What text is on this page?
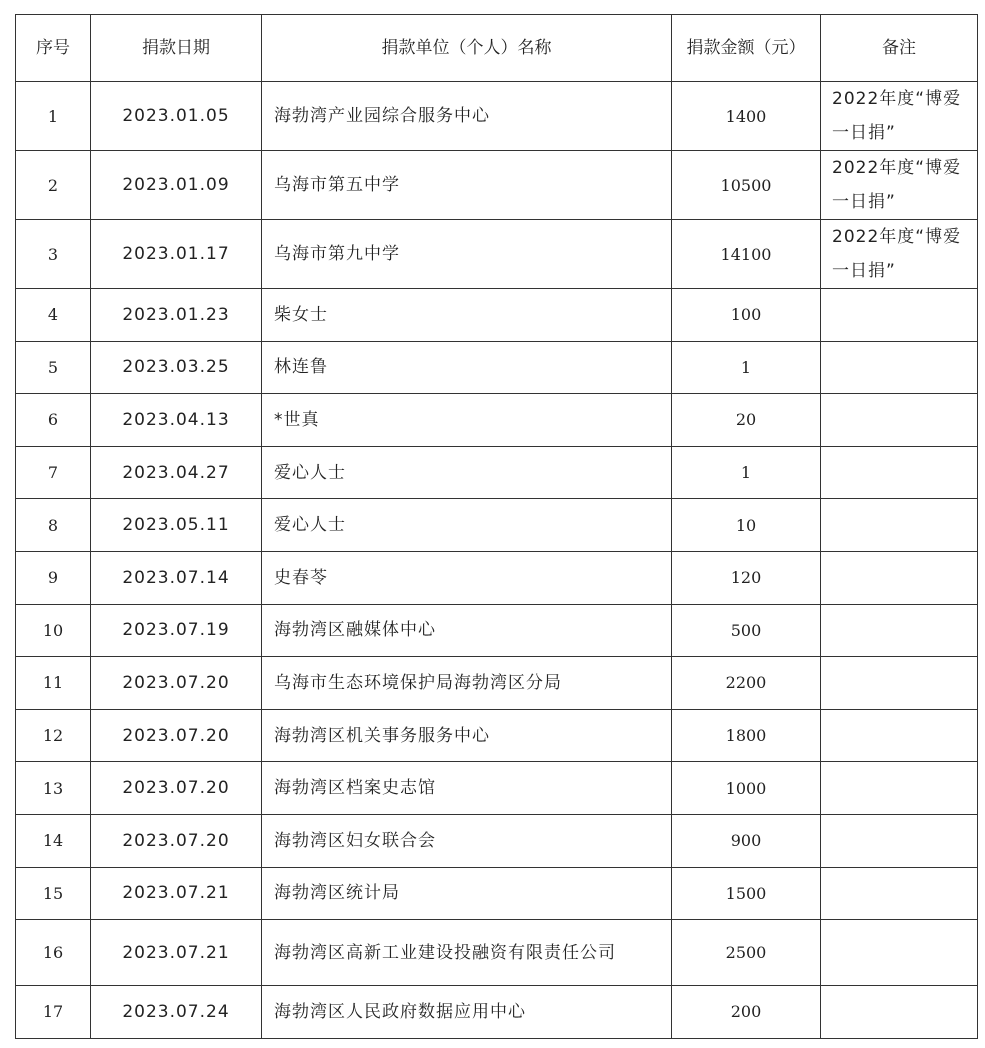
序号	捐款日期	捐款单位（个人）名称	捐款金额（元）	备注
1	2023.01.05	海勃湾产业园综合服务中心	1400	2022年度“博爱一日捐”
2	2023.01.09	乌海市第五中学	10500	2022年度“博爱一日捐”
3	2023.01.17	乌海市第九中学	14100	2022年度“博爱一日捐”
4	2023.01.23	柴女士	100	
5	2023.03.25	林连鲁	1	
6	2023.04.13	*世真	20	
7	2023.04.27	爱心人士	1	
8	2023.05.11	爱心人士	10	
9	2023.07.14	史春苓	120	
10	2023.07.19	海勃湾区融媒体中心	500	
11	2023.07.20	乌海市生态环境保护局海勃湾区分局	2200	
12	2023.07.20	海勃湾区机关事务服务中心	1800	
13	2023.07.20	海勃湾区档案史志馆	1000	
14	2023.07.20	海勃湾区妇女联合会	900	
15	2023.07.21	海勃湾区统计局	1500	
16	2023.07.21	海勃湾区高新工业建设投融资有限责任公司	2500	
17	2023.07.24	海勃湾区人民政府数据应用中心	200	
